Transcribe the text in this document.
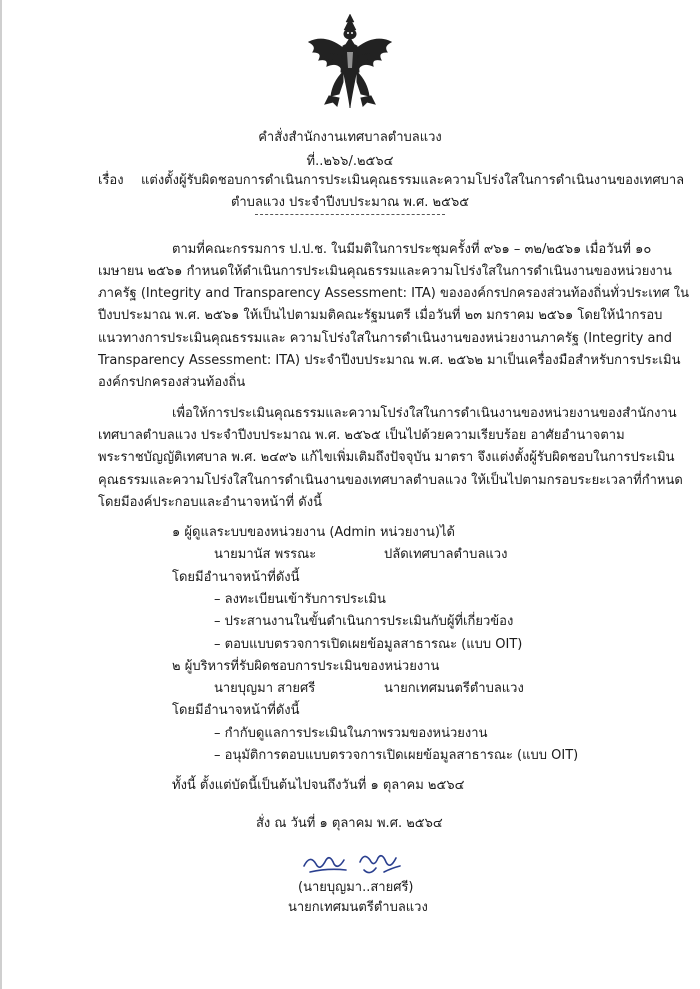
คำสั่งสำนักงานเทศบาลตำบลแวง
ที่..๒๖๖/.๒๕๖๔
เรื่อง แต่งตั้งผู้รับผิดชอบการดำเนินการประเมินคุณธรรมและความโปร่งใสในการดำเนินงานของเทศบาล
ตำบลแวง ประจำปีงบประมาณ พ.ศ. ๒๕๖๕
ตามที่คณะกรรมการ ป.ป.ช. ในมีมติในการประชุมครั้งที่ ๙๖๑ – ๓๒/๒๕๖๑ เมื่อวันที่ ๑๐
เมษายน ๒๕๖๑ กำหนดให้ดำเนินการประเมินคุณธรรมและความโปร่งใสในการดำเนินงานของหน่วยงาน
ภาครัฐ (Integrity and Transparency Assessment: ITA) ขององค์กรปกครองส่วนท้องถิ่นทั่วประเทศ ใน
ปีงบประมาณ พ.ศ. ๒๕๖๑ ให้เป็นไปตามมติคณะรัฐมนตรี เมื่อวันที่ ๒๓ มกราคม ๒๕๖๑ โดยให้นำกรอบ
แนวทางการประเมินคุณธรรมและ ความโปร่งใสในการดำเนินงานของหน่วยงานภาครัฐ (Integrity and
Transparency Assessment: ITA) ประจำปีงบประมาณ พ.ศ. ๒๕๖๒ มาเป็นเครื่องมือสำหรับการประเมิน
องค์กรปกครองส่วนท้องถิ่น
เพื่อให้การประเมินคุณธรรมและความโปร่งใสในการดำเนินงานของหน่วยงานของสำนักงาน
เทศบาลตำบลแวง ประจำปีงบประมาณ พ.ศ. ๒๕๖๕ เป็นไปด้วยความเรียบร้อย อาศัยอำนาจตาม
พระราชบัญญัติเทศบาล พ.ศ. ๒๔๙๖ แก้ไขเพิ่มเติมถึงปัจจุบัน มาตรา จึงแต่งตั้งผู้รับผิดชอบในการประเมิน
คุณธรรมและความโปร่งใสในการดำเนินงานของเทศบาลตำบลแวง ให้เป็นไปตามกรอบระยะเวลาที่กำหนด
โดยมีองค์ประกอบและอำนาจหน้าที่ ดังนี้
๑ ผู้ดูแลระบบของหน่วยงาน (Admin หน่วยงาน)ได้
นายมานัส พรรณะ	ปลัดเทศบาลตำบลแวง
โดยมีอำนาจหน้าที่ดังนี้
– ลงทะเบียนเข้ารับการประเมิน
– ประสานงานในขั้นดำเนินการประเมินกับผู้ที่เกี่ยวข้อง
– ตอบแบบตรวจการเปิดเผยข้อมูลสาธารณะ (แบบ OIT)
๒ ผู้บริหารที่รับผิดชอบการประเมินของหน่วยงาน
นายบุญมา สายศรี	นายกเทศมนตรีตำบลแวง
โดยมีอำนาจหน้าที่ดังนี้
– กำกับดูแลการประเมินในภาพรวมของหน่วยงาน
– อนุมัติการตอบแบบตรวจการเปิดเผยข้อมูลสาธารณะ (แบบ OIT)
ทั้งนี้ ตั้งแต่บัดนี้เป็นต้นไปจนถึงวันที่ ๑ ตุลาคม ๒๕๖๔
สั่ง ณ วันที่ ๑ ตุลาคม พ.ศ. ๒๕๖๔
(นายบุญมา..สายศรี)
นายกเทศมนตรีตำบลแวง
